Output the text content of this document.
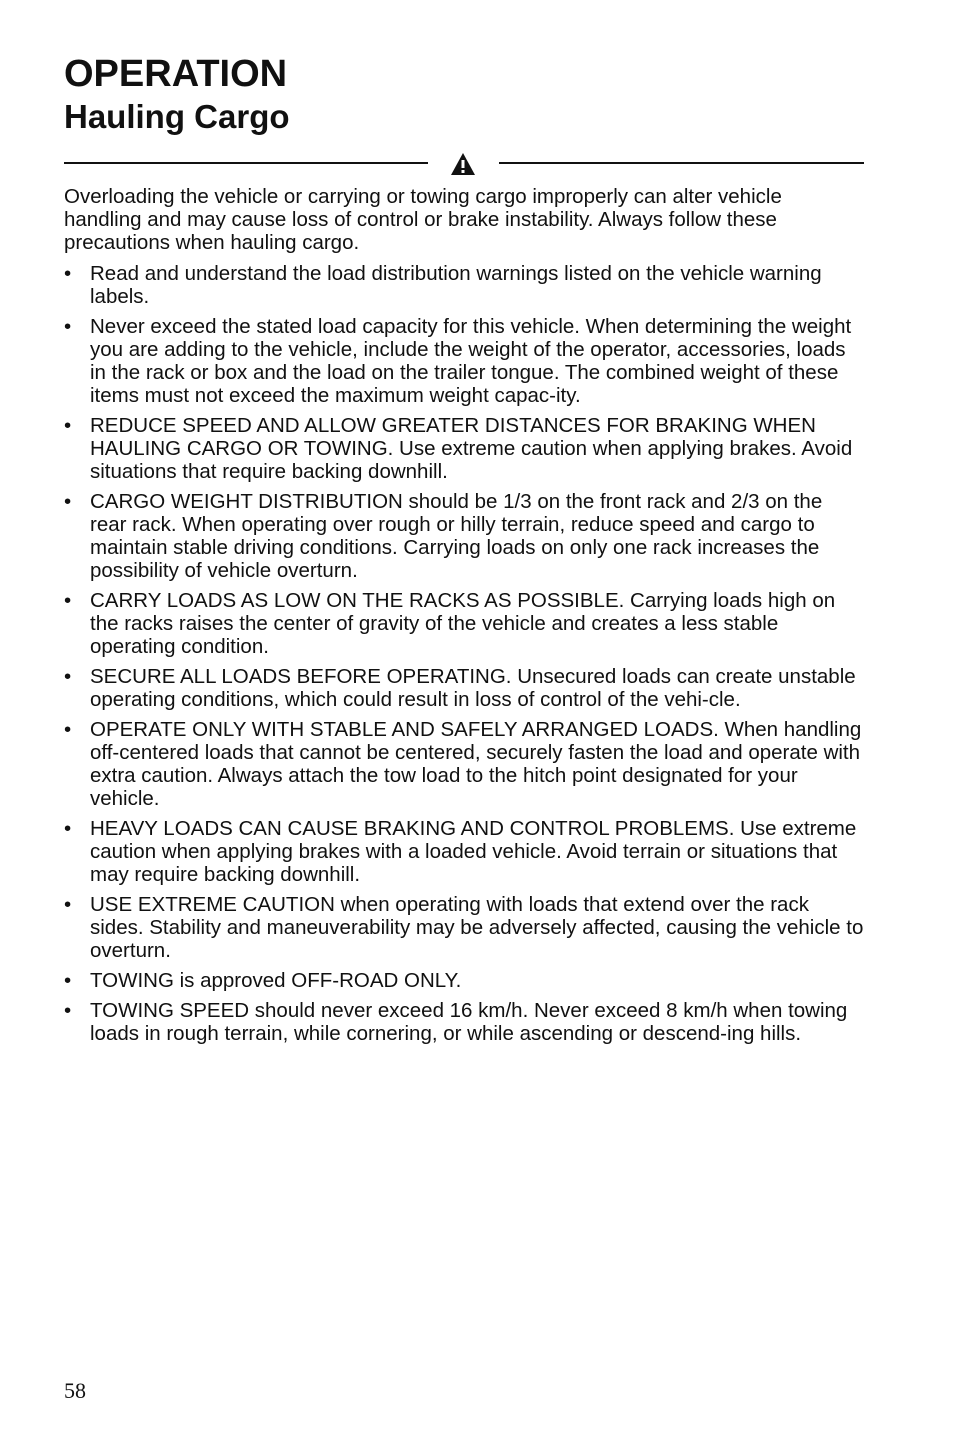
OPERATION
Hauling Cargo

Overloading the vehicle or carrying or towing cargo improperly can alter vehicle handling and may cause loss of control or brake instability. Always follow these precautions when hauling cargo.

• Read and understand the load distribution warnings listed on the vehicle warning labels.
• Never exceed the stated load capacity for this vehicle. When determining the weight you are adding to the vehicle, include the weight of the operator, accessories, loads in the rack or box and the load on the trailer tongue. The combined weight of these items must not exceed the maximum weight capac-ity.
• REDUCE SPEED AND ALLOW GREATER DISTANCES FOR BRAKING WHEN HAULING CARGO OR TOWING. Use extreme caution when applying brakes. Avoid situations that require backing downhill.
• CARGO WEIGHT DISTRIBUTION should be 1/3 on the front rack and 2/3 on the rear rack. When operating over rough or hilly terrain, reduce speed and cargo to maintain stable driving conditions. Carrying loads on only one rack increases the possibility of vehicle overturn.
• CARRY LOADS AS LOW ON THE RACKS AS POSSIBLE. Carrying loads high on the racks raises the center of gravity of the vehicle and creates a less stable operating condition.
• SECURE ALL LOADS BEFORE OPERATING. Unsecured loads can create unstable operating conditions, which could result in loss of control of the vehi-cle.
• OPERATE ONLY WITH STABLE AND SAFELY ARRANGED LOADS. When handling off-centered loads that cannot be centered, securely fasten the load and operate with extra caution. Always attach the tow load to the hitch point designated for your vehicle.
• HEAVY LOADS CAN CAUSE BRAKING AND CONTROL PROBLEMS. Use extreme caution when applying brakes with a loaded vehicle. Avoid terrain or situations that may require backing downhill.
• USE EXTREME CAUTION when operating with loads that extend over the rack sides. Stability and maneuverability may be adversely affected, causing the vehicle to overturn.
• TOWING is approved OFF-ROAD ONLY.
• TOWING SPEED should never exceed 16 km/h. Never exceed 8 km/h when towing loads in rough terrain, while cornering, or while ascending or descend-ing hills.
58
